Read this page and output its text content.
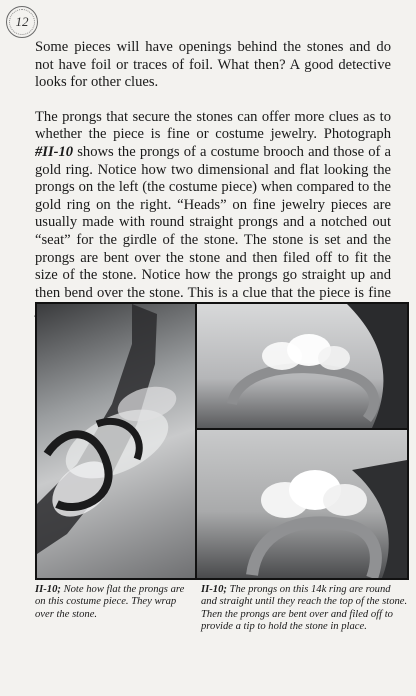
12

Some pieces will have openings behind the stones and do not have foil or traces of foil. What then? A good detective looks for other clues.

The prongs that secure the stones can offer more clues as to whether the piece is fine or costume jewelry. Photograph #II-10 shows the prongs of a costume brooch and those of a gold ring. Notice how two dimensional and flat looking the prongs on the left (the costume piece) when compared to the gold ring on the right. “Heads” on fine jewelry pieces are usually made with round straight prongs and a notched out “seat” for the girdle of the stone. The stone is set and the prongs are bent over the stone and then filed off to fit the size of the stone. Notice how the prongs go straight up and then bend over the stone. This is a clue that the piece is fine

II-10; Note how flat the prongs are on this costume piece. They wrap over the stone.
II-10; The prongs on this 14k ring are round and straight until they reach the top of the stone. Then the prongs are bent over and filed off to provide a tip to hold the stone in place.
